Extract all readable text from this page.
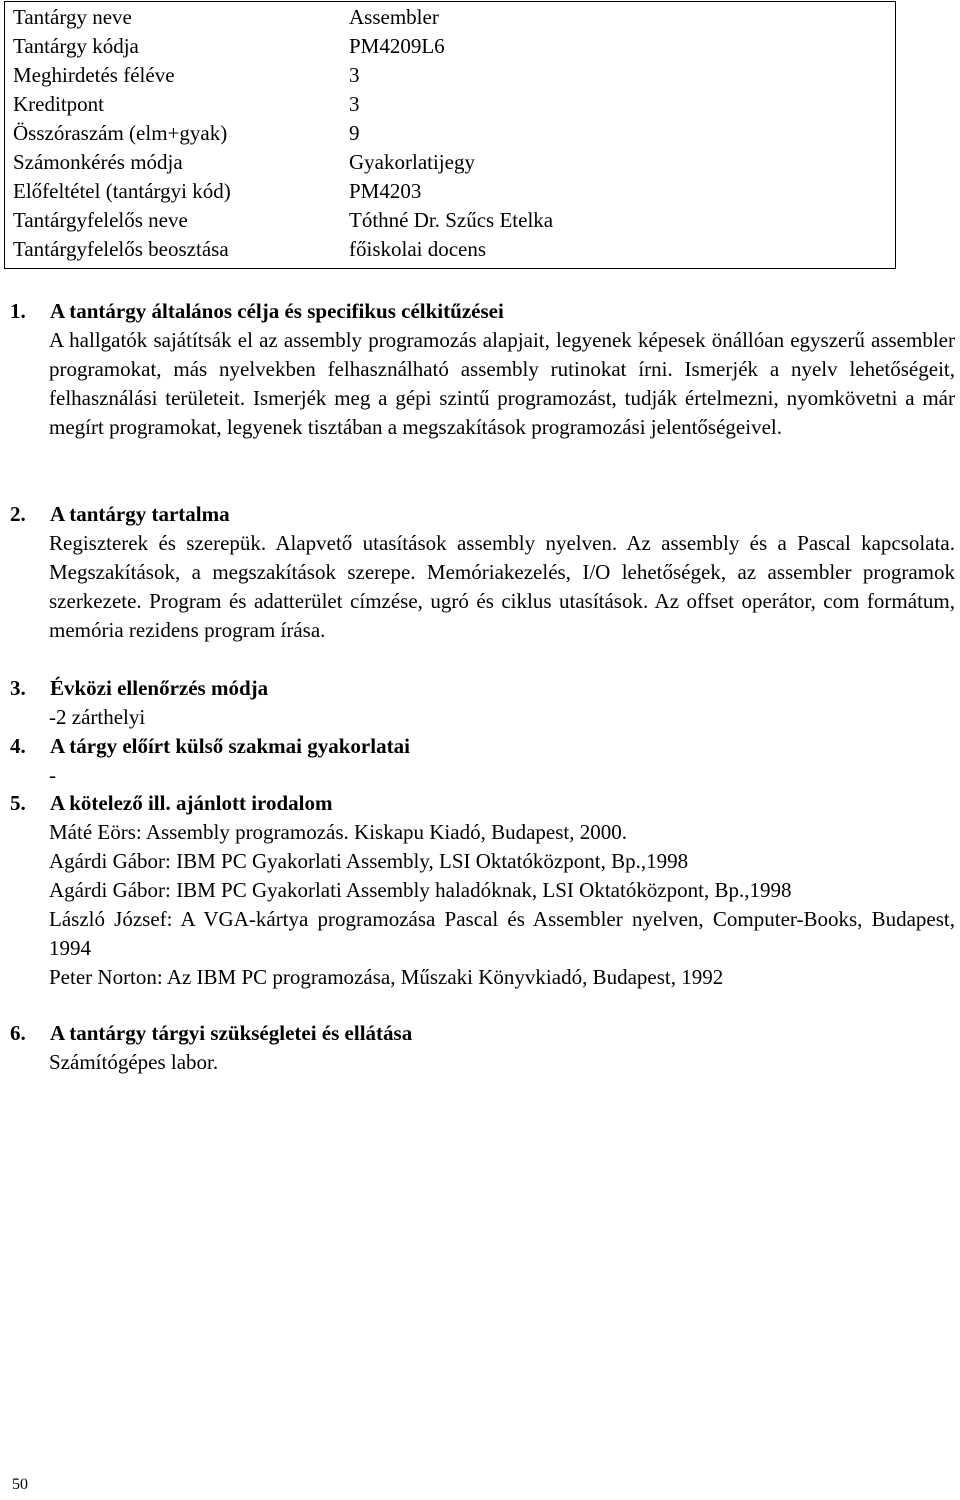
Tantárgy neve	Assembler
Tantárgy kódja	PM4209L6
Meghirdetés féléve	3
Kreditpont	3
Összóraszám (elm+gyak)	9
Számonkérés módja	Gyakorlatijegy
Előfeltétel (tantárgyi kód)	PM4203
Tantárgyfelelős neve	Tóthné Dr. Szűcs Etelka
Tantárgyfelelős beosztása	főiskolai docens
1. A tantárgy általános célja és specifikus célkitűzései
A hallgatók sajátítsák el az assembly programozás alapjait, legyenek képesek önállóan egyszerű assembler programokat, más nyelvekben felhasználható assembly rutinokat írni. Ismerjék a nyelv lehetőségeit, felhasználási területeit. Ismerjék meg a gépi szintű programozást, tudják értelmezni, nyomkövetni a már megírt programokat, legyenek tisztában a megszakítások programozási jelentőségeivel.
2. A tantárgy tartalma
Regiszterek és szerepük. Alapvető utasítások assembly nyelven. Az assembly és a Pascal kapcsolata. Megszakítások, a megszakítások szerepe. Memóriakezelés, I/O lehetőségek, az assembler programok szerkezete. Program és adatterület címzése, ugró és ciklus utasítások. Az offset operátor, com formátum, memória rezidens program írása.
3. Évközi ellenőrzés módja
-2 zárthelyi
4. A tárgy előírt külső szakmai gyakorlatai
-
5. A kötelező ill. ajánlott irodalom
Máté Eörs: Assembly programozás. Kiskapu Kiadó, Budapest, 2000.
Agárdi Gábor: IBM PC Gyakorlati Assembly, LSI Oktatóközpont, Bp.,1998
Agárdi Gábor: IBM PC Gyakorlati Assembly haladóknak, LSI Oktatóközpont, Bp.,1998
László József: A VGA-kártya programozása Pascal és Assembler nyelven, Computer-Books, Budapest, 1994
Peter Norton: Az IBM PC programozása, Műszaki Könyvkiadó, Budapest, 1992
6. A tantárgy tárgyi szükségletei és ellátása
Számítógépes labor.
50
